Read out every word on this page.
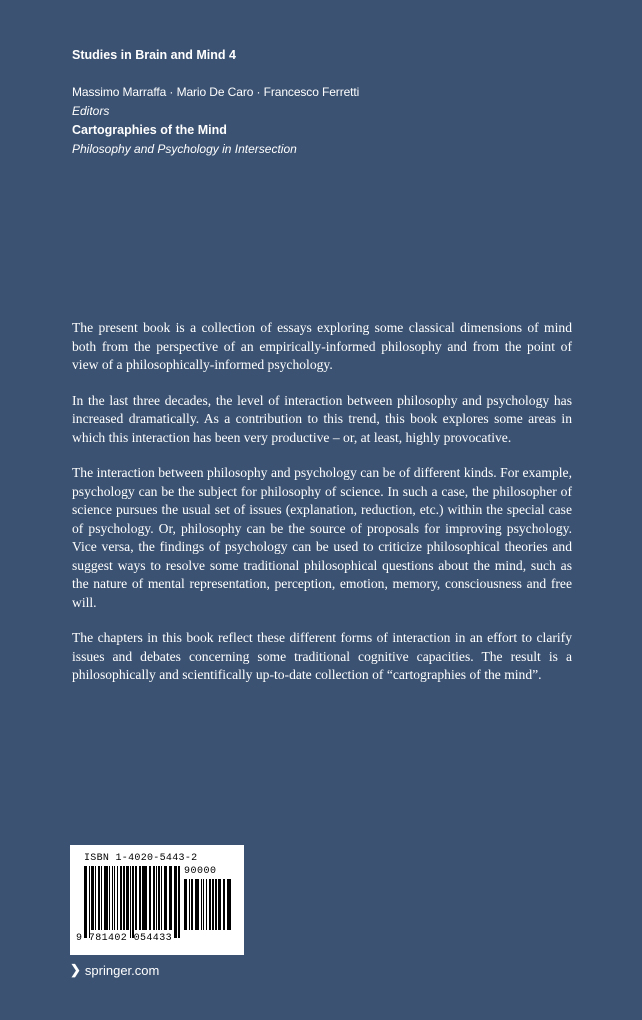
Studies in Brain and Mind 4
Massimo Marraffa · Mario De Caro · Francesco Ferretti
Editors
Cartographies of the Mind
Philosophy and Psychology in Intersection

The present book is a collection of essays exploring some classical dimensions of mind both from the perspective of an empirically-informed philosophy and from the point of view of a philosophically-informed psychology.

In the last three decades, the level of interaction between philosophy and psychology has increased dramatically. As a contribution to this trend, this book explores some areas in which this interaction has been very productive – or, at least, highly provocative.

The interaction between philosophy and psychology can be of different kinds. For example, psychology can be the subject for philosophy of science. In such a case, the philosopher of science pursues the usual set of issues (explanation, reduction, etc.) within the special case of psychology. Or, philosophy can be the source of proposals for improving psychology. Vice versa, the findings of psychology can be used to criticize philosophical theories and suggest ways to resolve some traditional philosophical questions about the mind, such as the nature of mental representation, perception, emotion, memory, consciousness and free will.

The chapters in this book reflect these different forms of interaction in an effort to clarify issues and debates concerning some traditional cognitive capacities. The result is a philosophically and scientifically up-to-date collection of “cartographies of the mind”.

ISBN 1-4020-5443-2
90000
9 781402 054433
❯ springer.com
